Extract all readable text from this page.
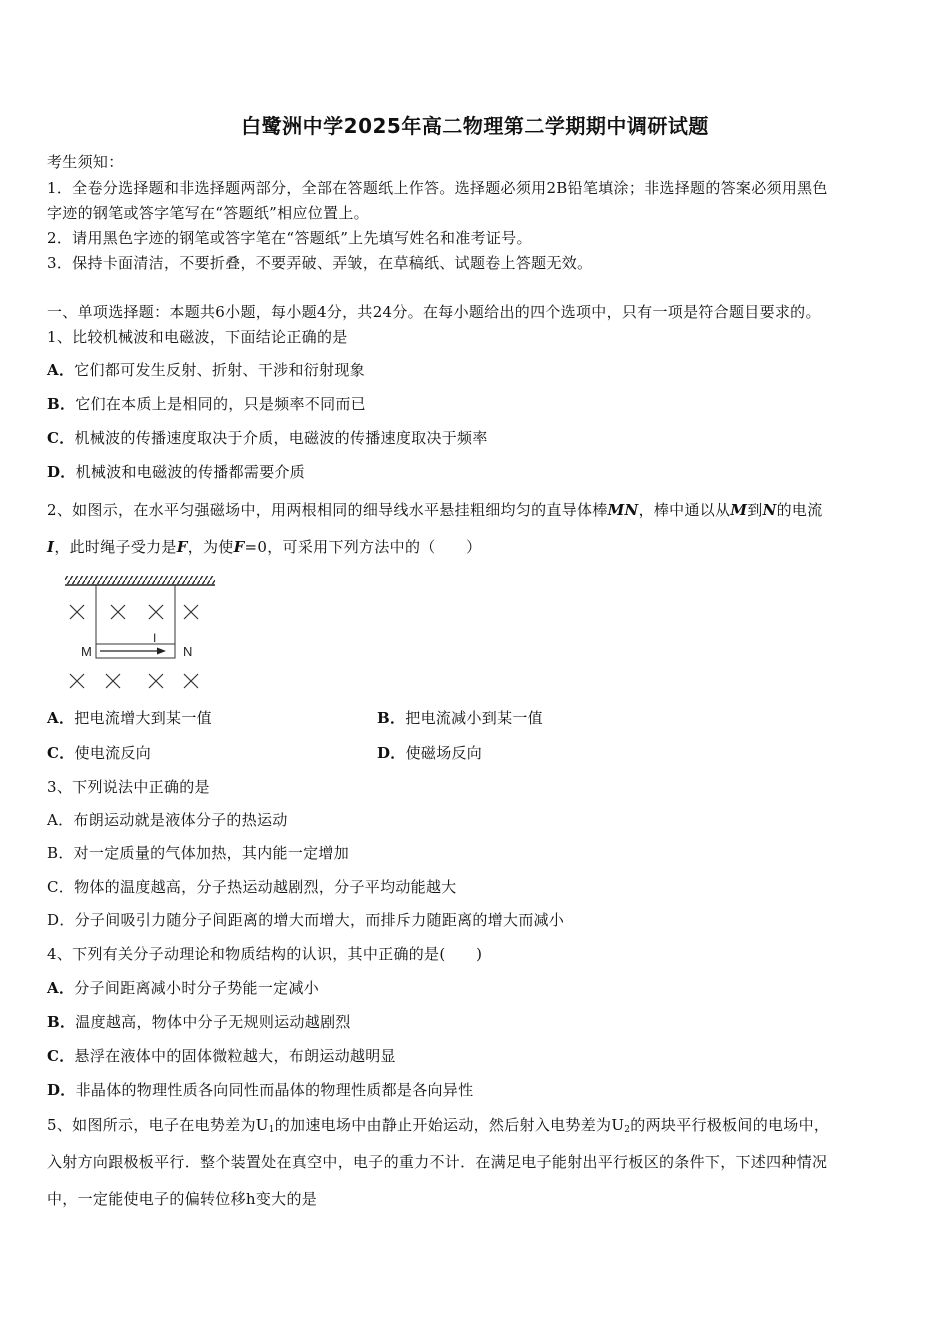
白鹭洲中学2025年高二物理第二学期期中调研试题
考生须知：
1．全卷分选择题和非选择题两部分，全部在答题纸上作答。选择题必须用2B铅笔填涂；非选择题的答案必须用黑色
字迹的钢笔或答字笔写在“答题纸”相应位置上。
2．请用黑色字迹的钢笔或答字笔在“答题纸”上先填写姓名和准考证号。
3．保持卡面清洁，不要折叠，不要弄破、弄皱，在草稿纸、试题卷上答题无效。
一、单项选择题：本题共6小题，每小题4分，共24分。在每小题给出的四个选项中，只有一项是符合题目要求的。
1、比较机械波和电磁波，下面结论正确的是
A．它们都可发生反射、折射、干涉和衍射现象
B．它们在本质上是相同的，只是频率不同而已
C．机械波的传播速度取决于介质，电磁波的传播速度取决于频率
D．机械波和电磁波的传播都需要介质
2、如图示，在水平匀强磁场中，用两根相同的细导线水平悬挂粗细均匀的直导体棒MN，棒中通以从M到N的电流
I，此时绳子受力是F，为使F=0，可采用下列方法中的（　　）
I
M	N
A．把电流增大到某一值	B．把电流减小到某一值
C．使电流反向	D．使磁场反向
3、下列说法中正确的是
A．布朗运动就是液体分子的热运动
B．对一定质量的气体加热，其内能一定增加
C．物体的温度越高，分子热运动越剧烈，分子平均动能越大
D．分子间吸引力随分子间距离的增大而增大，而排斥力随距离的增大而减小
4、下列有关分子动理论和物质结构的认识，其中正确的是(　　)
A．分子间距离减小时分子势能一定减小
B．温度越高，物体中分子无规则运动越剧烈
C．悬浮在液体中的固体微粒越大，布朗运动越明显
D．非晶体的物理性质各向同性而晶体的物理性质都是各向异性
5、如图所示，电子在电势差为$U_1$的加速电场中由静止开始运动，然后射入电势差为$U_2$的两块平行极板间的电场中，
入射方向跟极板平行．整个装置处在真空中，电子的重力不计．在满足电子能射出平行板区的条件下，下述四种情况
中，一定能使电子的偏转位移h变大的是
